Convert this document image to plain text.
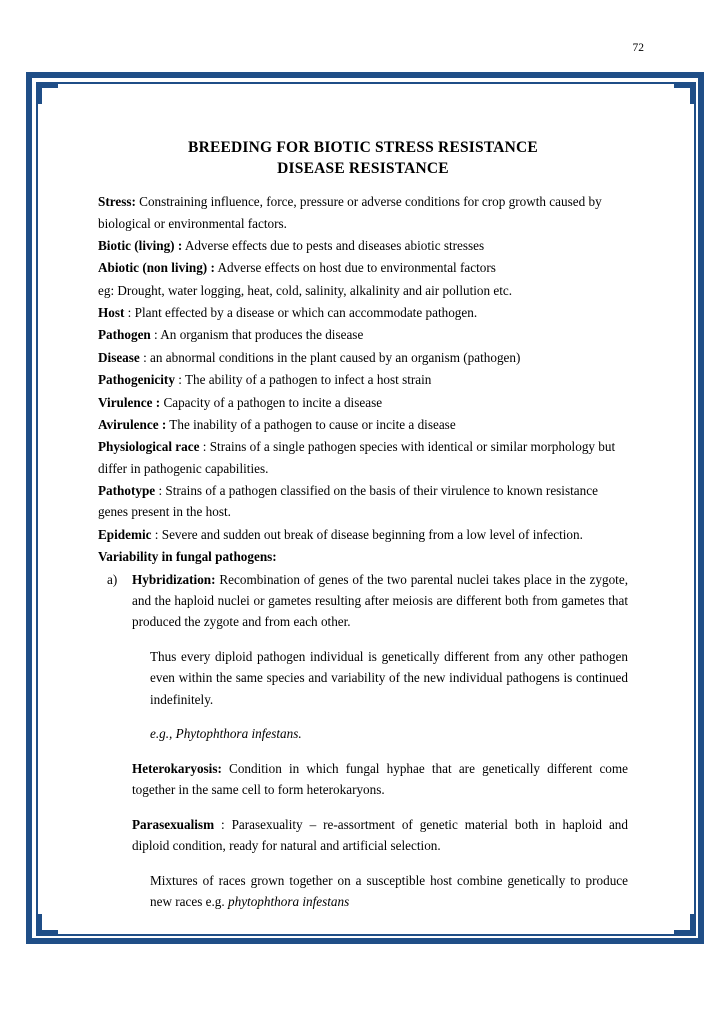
72
BREEDING FOR BIOTIC STRESS RESISTANCE
DISEASE RESISTANCE

Stress: Constraining influence, force, pressure or adverse conditions for crop growth caused by biological or environmental factors.

Biotic (living) : Adverse effects due to pests and diseases abiotic stresses

Abiotic (non living) : Adverse effects on host due to environmental factors

eg: Drought, water logging, heat, cold, salinity, alkalinity and air pollution etc.

Host : Plant effected by a disease or which can accommodate pathogen.

Pathogen : An organism that produces the disease

Disease : an abnormal conditions in the plant caused by an organism (pathogen)

Pathogenicity : The ability of a pathogen to infect a host strain

Virulence : Capacity of a pathogen to incite a disease

Avirulence : The inability of a pathogen to cause or incite a disease

Physiological race : Strains of a single pathogen species with identical or similar morphology but differ in pathogenic capabilities.

Pathotype : Strains of a pathogen classified on the basis of their virulence to known resistance genes present in the host.

Epidemic : Severe and sudden out break of disease beginning from a low level of infection.

Variability in fungal pathogens:

a) Hybridization: Recombination of genes of the two parental nuclei takes place in the zygote, and the haploid nuclei or gametes resulting after meiosis are different both from gametes that produced the zygote and from each other.

Thus every diploid pathogen individual is genetically different from any other pathogen even within the same species and variability of the new individual pathogens is continued indefinitely.

e.g., Phytophthora infestans.

Heterokaryosis: Condition in which fungal hyphae that are genetically different come together in the same cell to form heterokaryons.

Parasexualism : Parasexuality – re-assortment of genetic material both in haploid and diploid condition, ready for natural and artificial selection.

Mixtures of races grown together on a susceptible host combine genetically to produce new races e.g. phytophthora infestans
